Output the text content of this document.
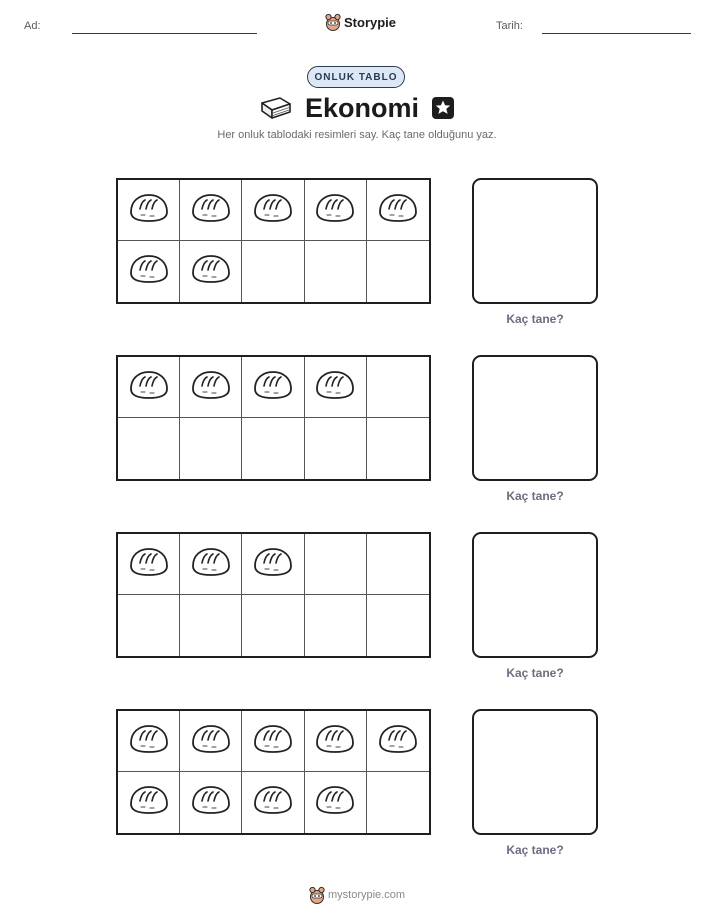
Ad:	Storypie	Tarih:
ONLUK TABLO
Ekonomi
Her onluk tablodaki resimleri say. Kaç tane olduğunu yaz.
Kaç tane?
Kaç tane?
Kaç tane?
Kaç tane?
mystorypie.com
